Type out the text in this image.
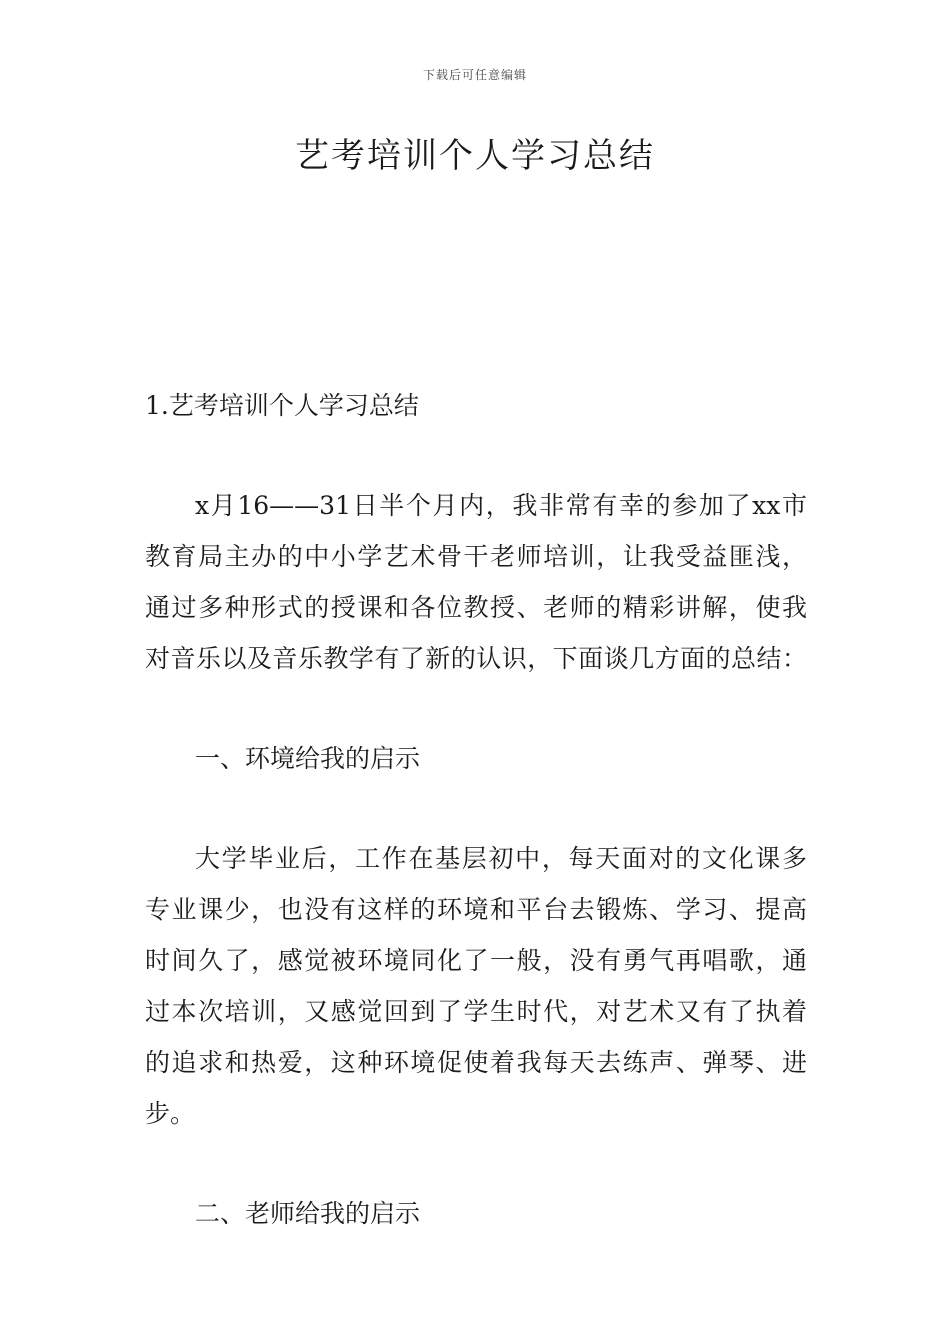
下载后可任意编辑
艺考培训个人学习总结
1.艺考培训个人学习总结
x月16——31日半个月内，我非常有幸的参加了xx市
教育局主办的中小学艺术骨干老师培训，让我受益匪浅，
通过多种形式的授课和各位教授、老师的精彩讲解，使我
对音乐以及音乐教学有了新的认识，下面谈几方面的总结：
一、环境给我的启示
大学毕业后，工作在基层初中，每天面对的文化课多
专业课少，也没有这样的环境和平台去锻炼、学习、提高
时间久了，感觉被环境同化了一般，没有勇气再唱歌，通
过本次培训，又感觉回到了学生时代，对艺术又有了执着
的追求和热爱，这种环境促使着我每天去练声、弹琴、进
步。
二、老师给我的启示
